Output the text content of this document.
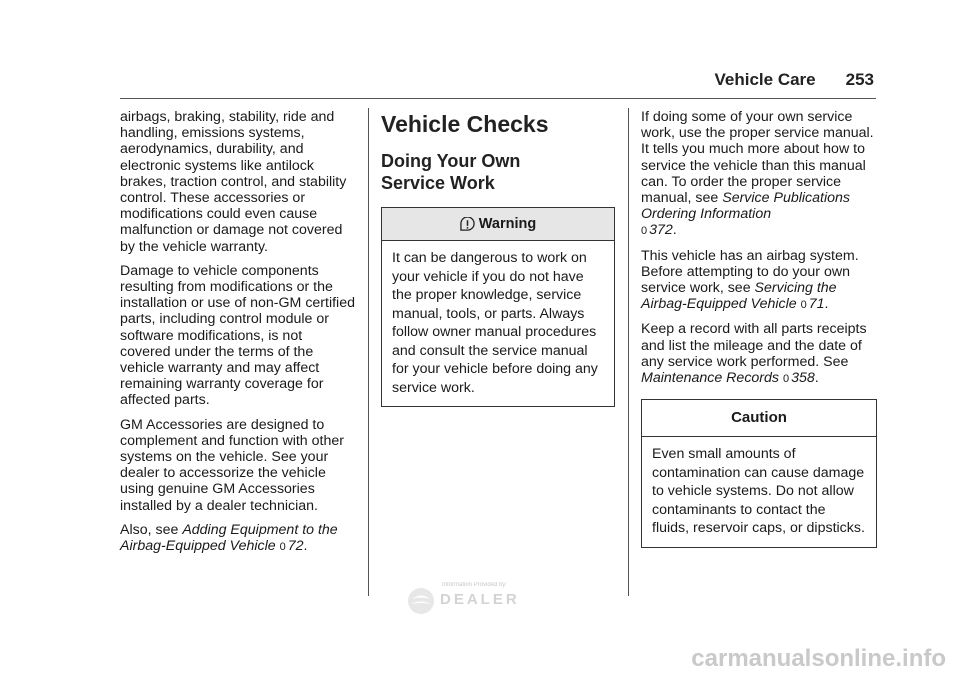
Vehicle Care 253

airbags, braking, stability, ride and handling, emissions systems, aerodynamics, durability, and electronic systems like antilock brakes, traction control, and stability control. These accessories or modifications could even cause malfunction or damage not covered by the vehicle warranty.

Damage to vehicle components resulting from modifications or the installation or use of non-GM certified parts, including control module or software modifications, is not covered under the terms of the vehicle warranty and may affect remaining warranty coverage for affected parts.

GM Accessories are designed to complement and function with other systems on the vehicle. See your dealer to accessorize the vehicle using genuine GM Accessories installed by a dealer technician.

Also, see Adding Equipment to the Airbag-Equipped Vehicle 0 72.

Vehicle Checks
Doing Your Own Service Work
Warning
It can be dangerous to work on your vehicle if you do not have the proper knowledge, service manual, tools, or parts. Always follow owner manual procedures and consult the service manual for your vehicle before doing any service work.

If doing some of your own service work, use the proper service manual. It tells you much more about how to service the vehicle than this manual can. To order the proper service manual, see Service Publications Ordering Information
0 372.

This vehicle has an airbag system. Before attempting to do your own service work, see Servicing the Airbag-Equipped Vehicle 0 71.

Keep a record with all parts receipts and list the mileage and the date of any service work performed. See Maintenance Records 0 358.

Caution
Even small amounts of contamination can cause damage to vehicle systems. Do not allow contaminants to contact the fluids, reservoir caps, or dipsticks.
Information Provided by:
DEALER
carmanualsonline.info
